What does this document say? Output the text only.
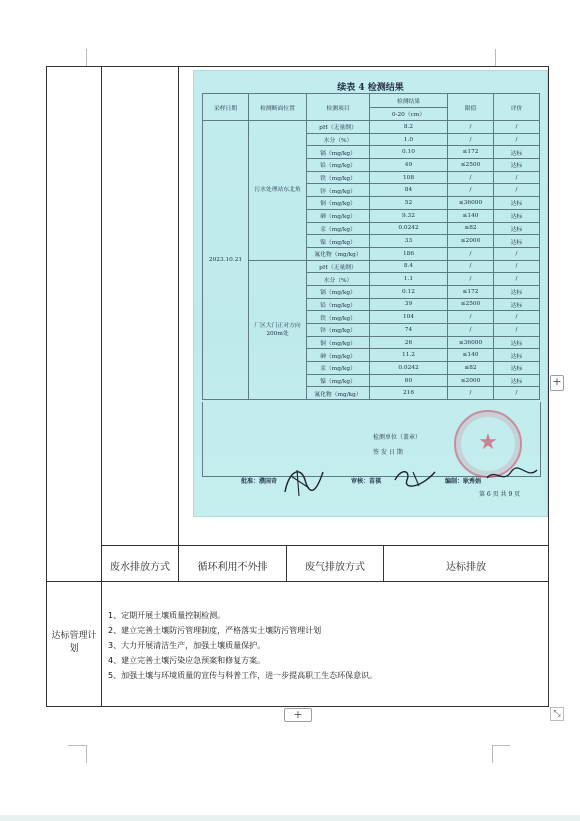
续表 4 检测结果
采样日期	检测断面位置	检测项目	检测结果	限值	评价
			0-20（cm）		
2023.10.21	污水处理站东北角	pH（无量纲）	8.2	/	/
		水分（%）	1.0	/	/
		镉（mg/kg）	0.10	≤172	达标
		铅（mg/kg）	49	≤2500	达标
		铁（mg/kg）	108	/	/
		锌（mg/kg）	84	/	/
		铜（mg/kg）	52	≤36000	达标
		砷（mg/kg）	9.32	≤140	达标
		汞（mg/kg）	0.0242	≤82	达标
		镍（mg/kg）	33	≤2000	达标
		氟化物（mg/kg）	186	/	/
	厂区大门正对方向200m处	pH（无量纲）	8.4	/	/
		水分（%）	1.1	/	/
		镉（mg/kg）	0.12	≤172	达标
		铅（mg/kg）	39	≤2500	达标
		铁（mg/kg）	104	/	/
		锌（mg/kg）	74	/	/
		铜（mg/kg）	26	≤36000	达标
		砷（mg/kg）	11.2	≤140	达标
		汞（mg/kg）	0.0242	≤82	达标
		镍（mg/kg）	60	≤2000	达标
		氟化物（mg/kg）	216	/	/
★
检测单位（盖章）
签 发 日 期
批准：濮国奇	审核：苗祺	编制：耿秀娟
第 6 页 共 9 页
废水排放方式	循环利用不外排	废气排放方式	达标排放
达标管理计划
1、定期开展土壤质量控制检测。
2、建立完善土壤防污管理制度，严格落实土壤防污管理计划
3、大力开展清洁生产，加强土壤质量保护。
4、建立完善土壤污染应急预案和修复方案。
5、加强土壤与环境质量的宣传与科普工作，进一步提高职工生态环保意识。
+
+	⤡
